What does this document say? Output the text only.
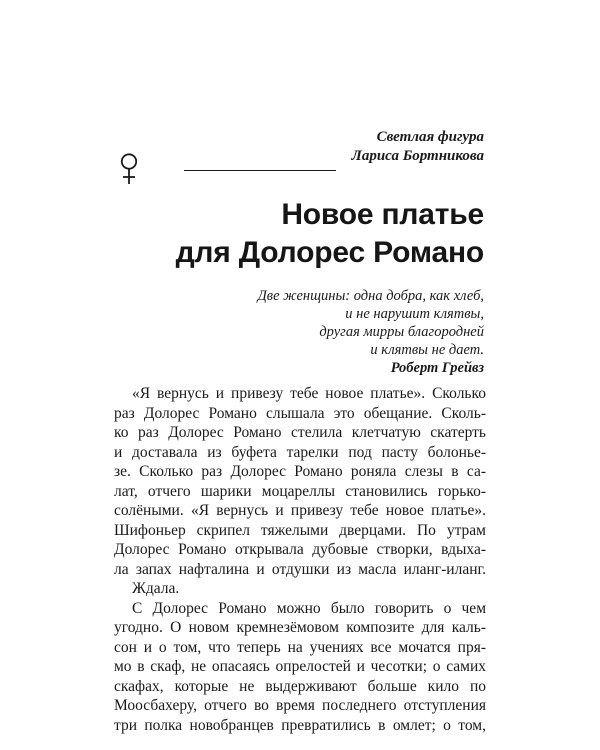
Светлая фигура
Лариса Бортникова
Новое платье
для Долорес Романо
Две женщины: одна добра, как хлеб,
и не нарушит клятвы,
другая мирры благородней
и клятвы не дает.
Роберт Грейвз
«Я вернусь и привезу тебе новое платье». Сколько
раз Долорес Романо слышала это обещание. Сколь-
ко раз Долорес Романо стелила клетчатую скатерть
и доставала из буфета тарелки под пасту болонье-
зе. Сколько раз Долорес Романо роняла слезы в са-
лат, отчего шарики моцареллы становились горько-
солёными. «Я вернусь и привезу тебе новое платье».
Шифоньер скрипел тяжелыми дверцами. По утрам
Долорес Романо открывала дубовые створки, вдыха-
ла запах нафталина и отдушки из масла иланг-иланг.
Ждала.
С Долорес Романо можно было говорить о чем
угодно. О новом кремнезёмовом композите для каль-
сон и о том, что теперь на учениях все мочатся пря-
мо в скаф, не опасаясь опрелостей и чесотки; о самих
скафах, которые не выдерживают больше кило по
Моосбахеру, отчего во время последнего отступления
три полка новобранцев превратились в омлет; о том,
